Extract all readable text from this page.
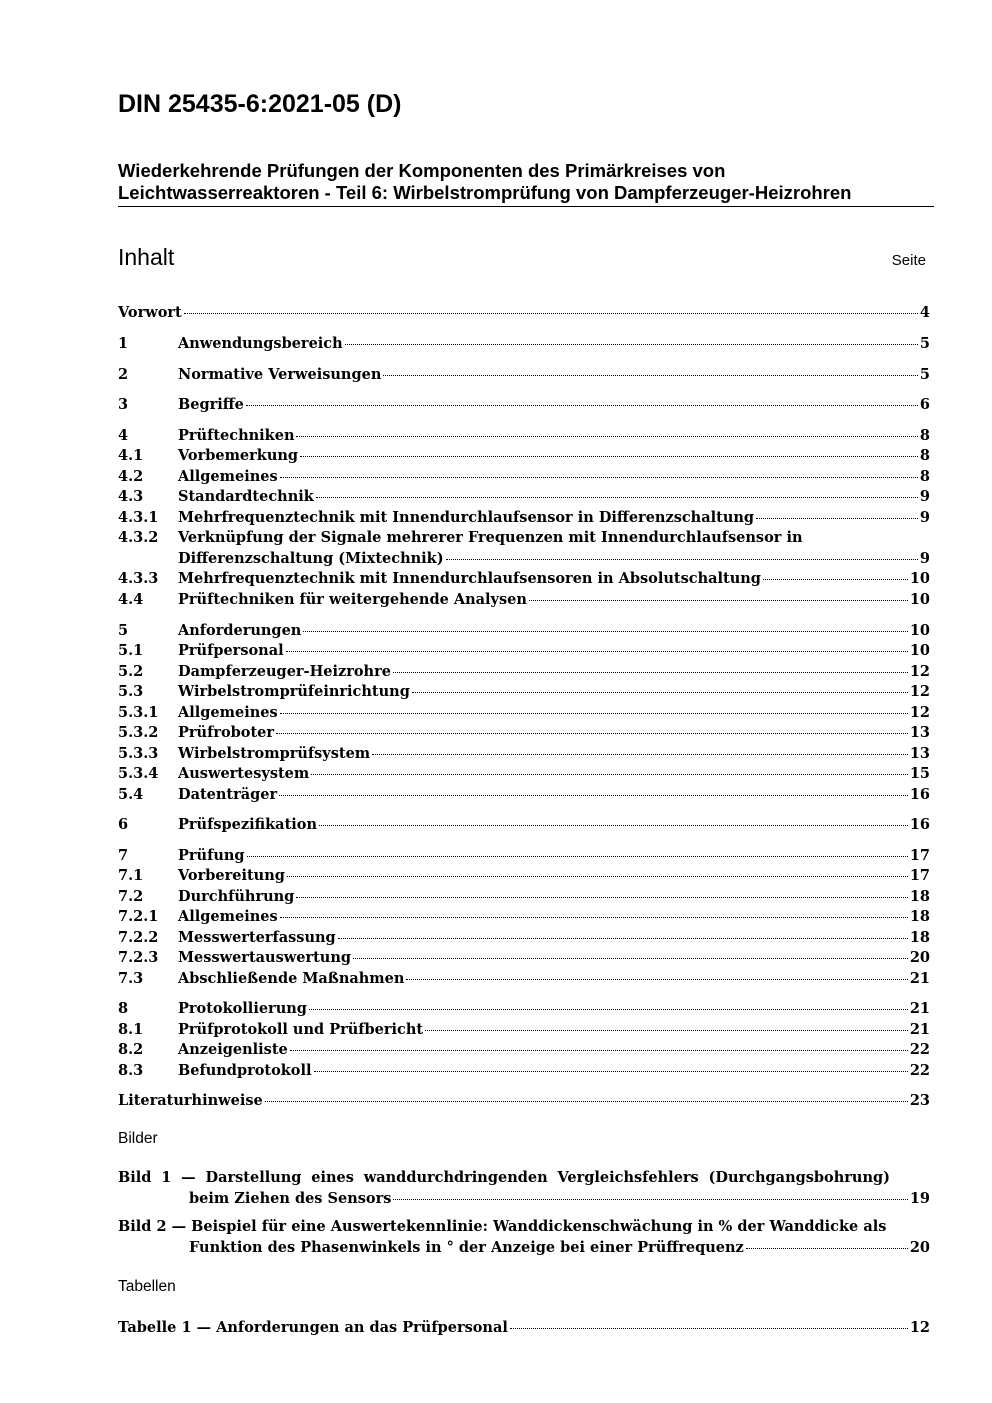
DIN 25435-6:2021-05 (D)
Wiederkehrende Prüfungen der Komponenten des Primärkreises von
Leichtwasserreaktoren - Teil 6: Wirbelstromprüfung von Dampferzeuger-Heizrohren
Inhalt	Seite
Vorwort	4
1	Anwendungsbereich	5
2	Normative Verweisungen	5
3	Begriffe	6
4	Prüftechniken	8
4.1 Vorbemerkung	8
4.2 Allgemeines	8
4.3 Standardtechnik	9
4.3.1 Mehrfrequenztechnik mit Innendurchlaufsensor in Differenzschaltung	9
4.3.2 Verknüpfung der Signale mehrerer Frequenzen mit Innendurchlaufsensor in
Differenzschaltung (Mixtechnik)	9
4.3.3 Mehrfrequenztechnik mit Innendurchlaufsensoren in Absolutschaltung	10
4.4 Prüftechniken für weitergehende Analysen	10
5	Anforderungen	10
5.1 Prüfpersonal	10
5.2 Dampferzeuger-Heizrohre	12
5.3 Wirbelstromprüfeinrichtung	12
5.3.1 Allgemeines	12
5.3.2 Prüfroboter	13
5.3.3 Wirbelstromprüfsystem	13
5.3.4 Auswertesystem	15
5.4 Datenträger	16
6	Prüfspezifikation	16
7	Prüfung	17
7.1 Vorbereitung	17
7.2 Durchführung	18
7.2.1 Allgemeines	18
7.2.2 Messwerterfassung	18
7.2.3 Messwertauswertung	20
7.3 Abschließende Maßnahmen	21
8	Protokollierung	21
8.1 Prüfprotokoll und Prüfbericht	21
8.2 Anzeigenliste	22
8.3 Befundprotokoll	22
Literaturhinweise	23
Bilder
Bild 1 — Darstellung eines wanddurchdringenden Vergleichsfehlers (Durchgangsbohrung)
beim Ziehen des Sensors	19
Bild 2 — Beispiel für eine Auswertekennlinie: Wanddickenschwächung in % der Wanddicke als
Funktion des Phasenwinkels in ° der Anzeige bei einer Prüffrequenz	20
Tabellen
Tabelle 1 — Anforderungen an das Prüfpersonal	12
